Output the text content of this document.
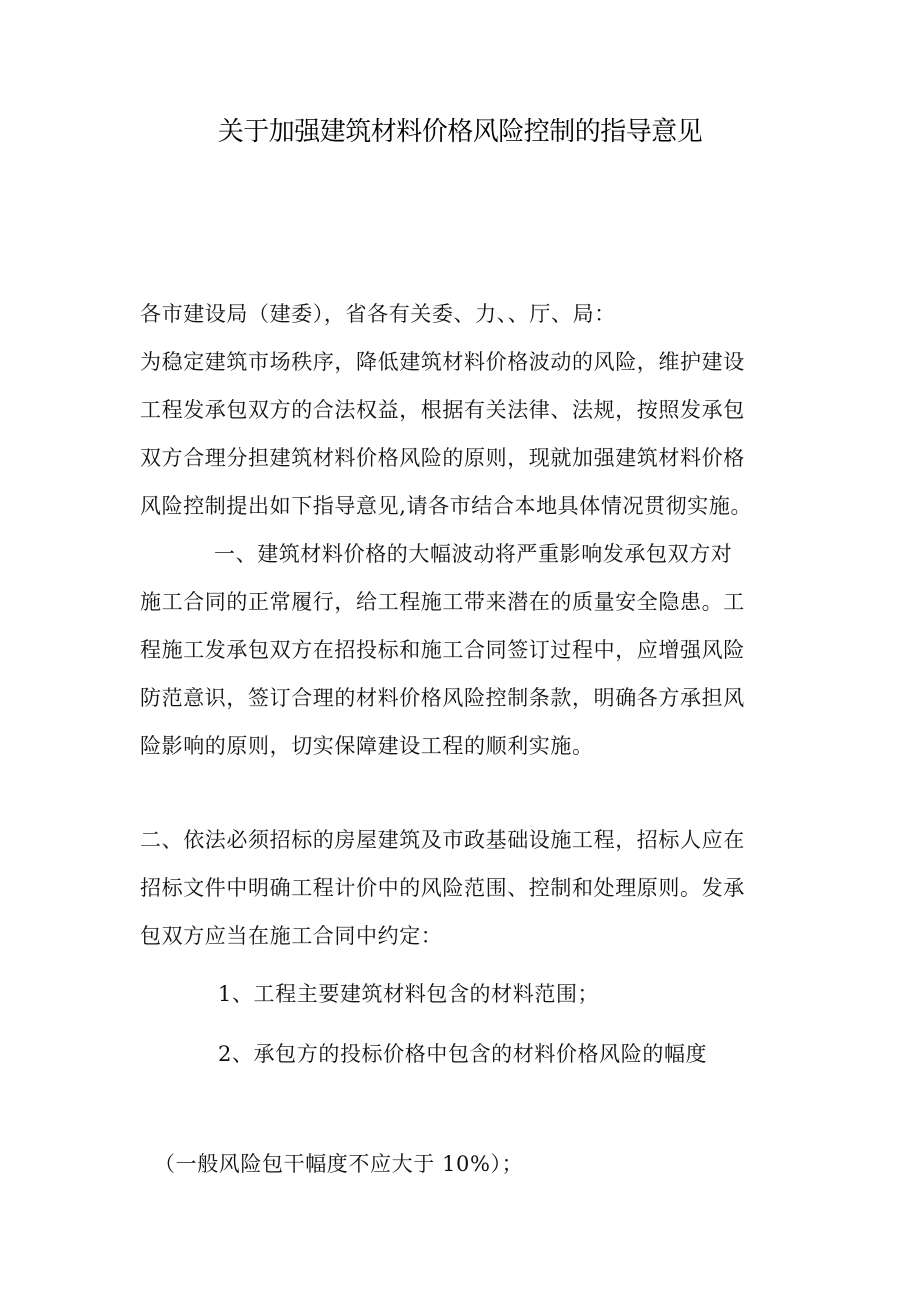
关于加强建筑材料价格风险控制的指导意见
各市建设局（建委），省各有关委、力、、厅、局：
为稳定建筑市场秩序，降低建筑材料价格波动的风险，维护建设
工程发承包双方的合法权益，根据有关法律、法规，按照发承包
双方合理分担建筑材料价格风险的原则，现就加强建筑材料价格
风险控制提出如下指导意见,请各市结合本地具体情况贯彻实施。
一、建筑材料价格的大幅波动将严重影响发承包双方对
施工合同的正常履行，给工程施工带来潜在的质量安全隐患。工
程施工发承包双方在招投标和施工合同签订过程中，应增强风险
防范意识，签订合理的材料价格风险控制条款，明确各方承担风
险影响的原则，切实保障建设工程的顺利实施。
二、依法必须招标的房屋建筑及市政基础设施工程，招标人应在
招标文件中明确工程计价中的风险范围、控制和处理原则。发承
包双方应当在施工合同中约定：
1、工程主要建筑材料包含的材料范围；
2、承包方的投标价格中包含的材料价格风险的幅度
（一般风险包干幅度不应大于 10%）；
